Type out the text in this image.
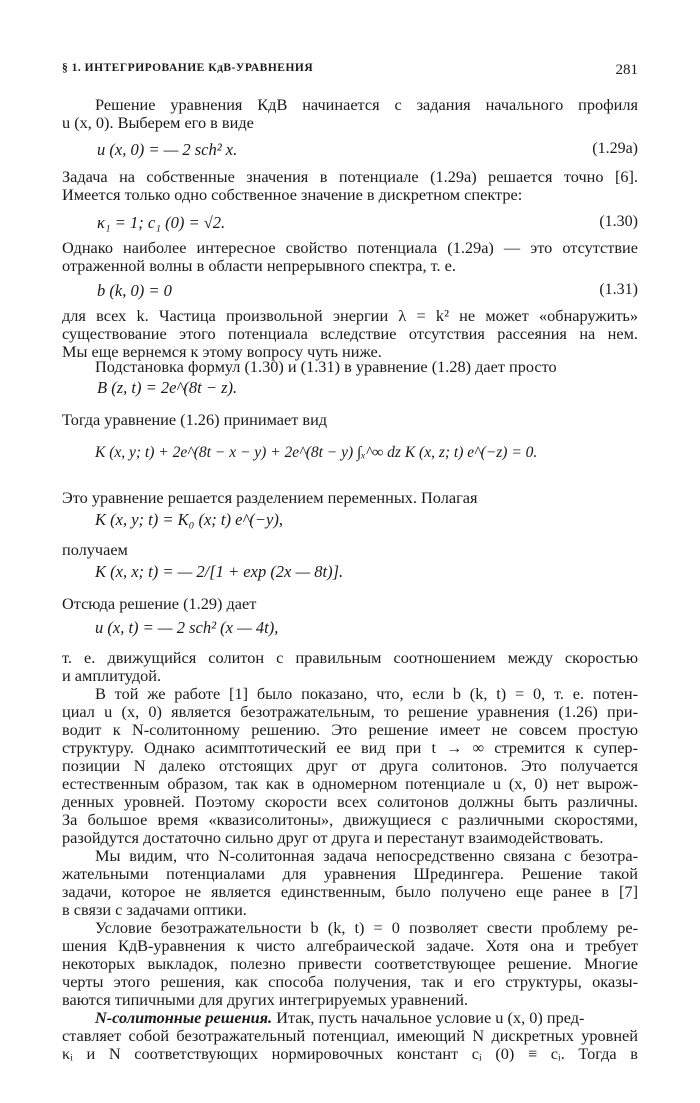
§ 1. ИНТЕГРИРОВАНИЕ КдВ-УРАВНЕНИЯ	281
Решение уравнения КдВ начинается с задания начального профиля
u (x, 0). Выберем его в виде
u (x, 0) = — 2 sch² x.	(1.29а)
Задача на собственные значения в потенциале (1.29а) решается точно [6].
Имеется только одно собственное значение в дискретном спектре:
κ₁ = 1; c₁ (0) = √2.	(1.30)
Однако наиболее интересное свойство потенциала (1.29а) — это отсутствие
отраженной волны в области непрерывного спектра, т. е.
b (k, 0) = 0	(1.31)
для всех k. Частица произвольной энергии λ = k² не может «обнаружить»
существование этого потенциала вследствие отсутствия рассеяния на нем.
Мы еще вернемся к этому вопросу чуть ниже.
Подстановка формул (1.30) и (1.31) в уравнение (1.28) дает просто
B (z, t) = 2e^(8t − z).
Тогда уравнение (1.26) принимает вид
K (x, y; t) + 2e^(8t − x − y) + 2e^(8t − y) ∫ₓ^∞ dz K (x, z; t) e^(−z) = 0.
Это уравнение решается разделением переменных. Полагая
K (x, y; t) = K₀ (x; t) e^(−y),
получаем
K (x, x; t) = — 2/[1 + exp (2x — 8t)].
Отсюда решение (1.29) дает
u (x, t) = — 2 sch² (x — 4t),
т. е. движущийся солитон с правильным соотношением между скоростью
и амплитудой.
В той же работе [1] было показано, что, если b (k, t) = 0, т. е. потен-
циал u (x, 0) является безотражательным, то решение уравнения (1.26) при-
водит к N-солитонному решению. Это решение имеет не совсем простую
структуру. Однако асимптотический ее вид при t → ∞ стремится к супер-
позиции N далеко отстоящих друг от друга солитонов. Это получается
естественным образом, так как в одномерном потенциале u (x, 0) нет вырож-
денных уровней. Поэтому скорости всех солитонов должны быть различны.
За большое время «квазисолитоны», движущиеся с различными скоростями,
разойдутся достаточно сильно друг от друга и перестанут взаимодействовать.
Мы видим, что N-солитонная задача непосредственно связана с безотра-
жательными потенциалами для уравнения Шредингера. Решение такой
задачи, которое не является единственным, было получено еще ранее в [7]
в связи с задачами оптики.
Условие безотражательности b (k, t) = 0 позволяет свести проблему ре-
шения КдВ-уравнения к чисто алгебраической задаче. Хотя она и требует
некоторых выкладок, полезно привести соответствующее решение. Многие
черты этого решения, как способа получения, так и его структуры, оказы-
ваются типичными для других интегрируемых уравнений.
N-солитонные решения. Итак, пусть начальное условие u (x, 0) пред-
ставляет собой безотражательный потенциал, имеющий N дискретных уровней
κᵢ и N соответствующих нормировочных констант cᵢ (0) ≡ cᵢ. Тогда в
